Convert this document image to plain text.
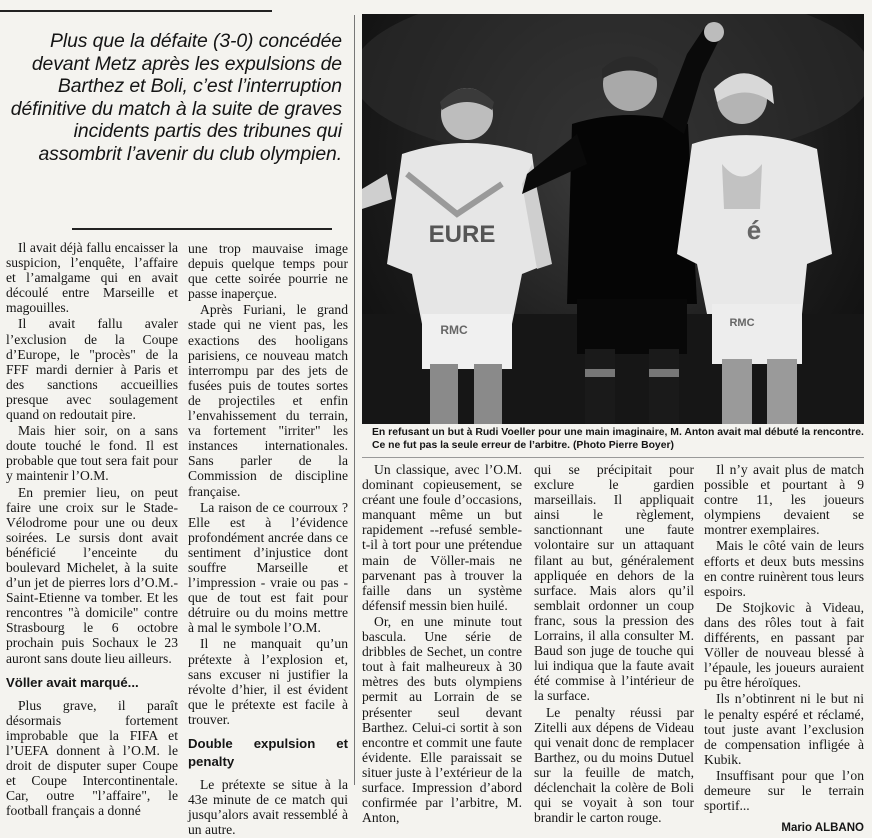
Plus que la défaite (3-0) concédée devant Metz après les expulsions de Barthez et Boli, c’est l’interruption définitive du match à la suite de graves incidents partis des tribunes qui assombrit l’avenir du club olympien.
EURE
RMC
é
RMC
En refusant un but à Rudi Voeller pour une main imaginaire, M. Anton avait mal débuté la rencontre. Ce ne fut pas la seule erreur de l’arbitre. (Photo Pierre Boyer)

Il avait déjà fallu encaisser la suspicion, l’enquête, l’affaire et l’amalgame qui en avait découlé entre Marseille et magouilles.

Il avait fallu avaler l’exclusion de la Coupe d’Europe, le "procès" de la FFF mardi dernier à Paris et des sanctions accueillies presque avec soulagement quand on redoutait pire.

Mais hier soir, on a sans doute touché le fond. Il est probable que tout sera fait pour y maintenir l’O.M.

En premier lieu, on peut faire une croix sur le Stade-Vélodrome pour une ou deux soirées. Le sursis dont avait bénéficié l’enceinte du boulevard Michelet, à la suite d’un jet de pierres lors d’O.M.-Saint-Etienne va tomber. Et les rencontres "à domicile" contre Strasbourg le 6 octobre prochain puis Sochaux le 23 auront sans doute lieu ailleurs.

Völler avait marqué...

Plus grave, il paraît désormais fortement improbable que la FIFA et l’UEFA donnent à l’O.M. le droit de disputer super Coupe et Coupe Intercontinentale. Car, outre "l’affaire", le football français a donné

une trop mauvaise image depuis quelque temps pour que cette soirée pourrie ne passe inaperçue.

Après Furiani, le grand stade qui ne vient pas, les exactions des hooligans parisiens, ce nouveau match interrompu par des jets de fusées puis de toutes sortes de projectiles et enfin l’envahissement du terrain, va fortement "irriter" les instances internationales. Sans parler de la Commission de discipline française.

La raison de ce courroux ? Elle est à l’évidence profondément ancrée dans ce sentiment d’injustice dont souffre Marseille et l’impression - vraie ou pas - que de tout est fait pour détruire ou du moins mettre à mal le symbole l’O.M.

Il ne manquait qu’un prétexte à l’explosion et, sans excuser ni justifier la révolte d’hier, il est évident que le prétexte est facile à trouver.

Double expulsion et penalty

Le prétexte se situe à la 43e minute de ce match qui jusqu’alors avait ressemblé à un autre.

Un classique, avec l’O.M. dominant copieusement, se créant une foule d’occasions, manquant même un but rapidement --refusé semble-t-il à tort pour une prétendue main de Völler-mais ne parvenant pas à trouver la faille dans un système défensif messin bien huilé.

Or, en une minute tout bascula. Une série de dribbles de Sechet, un contre tout à fait malheureux à 30 mètres des buts olympiens permit au Lorrain de se présenter seul devant Barthez. Celui-ci sortit à son encontre et commit une faute évidente. Elle paraissait se situer juste à l’extérieur de la surface. Impression d’abord confirmée par l’arbitre, M. Anton,

qui se précipitait pour exclure le gardien marseillais. Il appliquait ainsi le règlement, sanctionnant une faute volontaire sur un attaquant filant au but, généralement appliquée en dehors de la surface. Mais alors qu’il semblait ordonner un coup franc, sous la pression des Lorrains, il alla consulter M. Baud son juge de touche qui lui indiqua que la faute avait été commise à l’intérieur de la surface.

Le penalty réussi par Zitelli aux dépens de Videau qui venait donc de remplacer Barthez, ou du moins Dutuel sur la feuille de match, déclenchait la colère de Boli qui se voyait à son tour brandir le carton rouge.

Il n’y avait plus de match possible et pourtant à 9 contre 11, les joueurs olympiens devaient se montrer exemplaires.

Mais le côté vain de leurs efforts et deux buts messins en contre ruinèrent tous leurs espoirs.

De Stojkovic à Videau, dans des rôles tout à fait différents, en passant par Völler de nouveau blessé à l’épaule, les joueurs auraient pu être héroïques.

Ils n’obtinrent ni le but ni le penalty espéré et réclamé, tout juste avant l’exclusion de compensation infligée à Kubik.

Insuffisant pour que l’on demeure sur le terrain sportif...

Mario ALBANO
